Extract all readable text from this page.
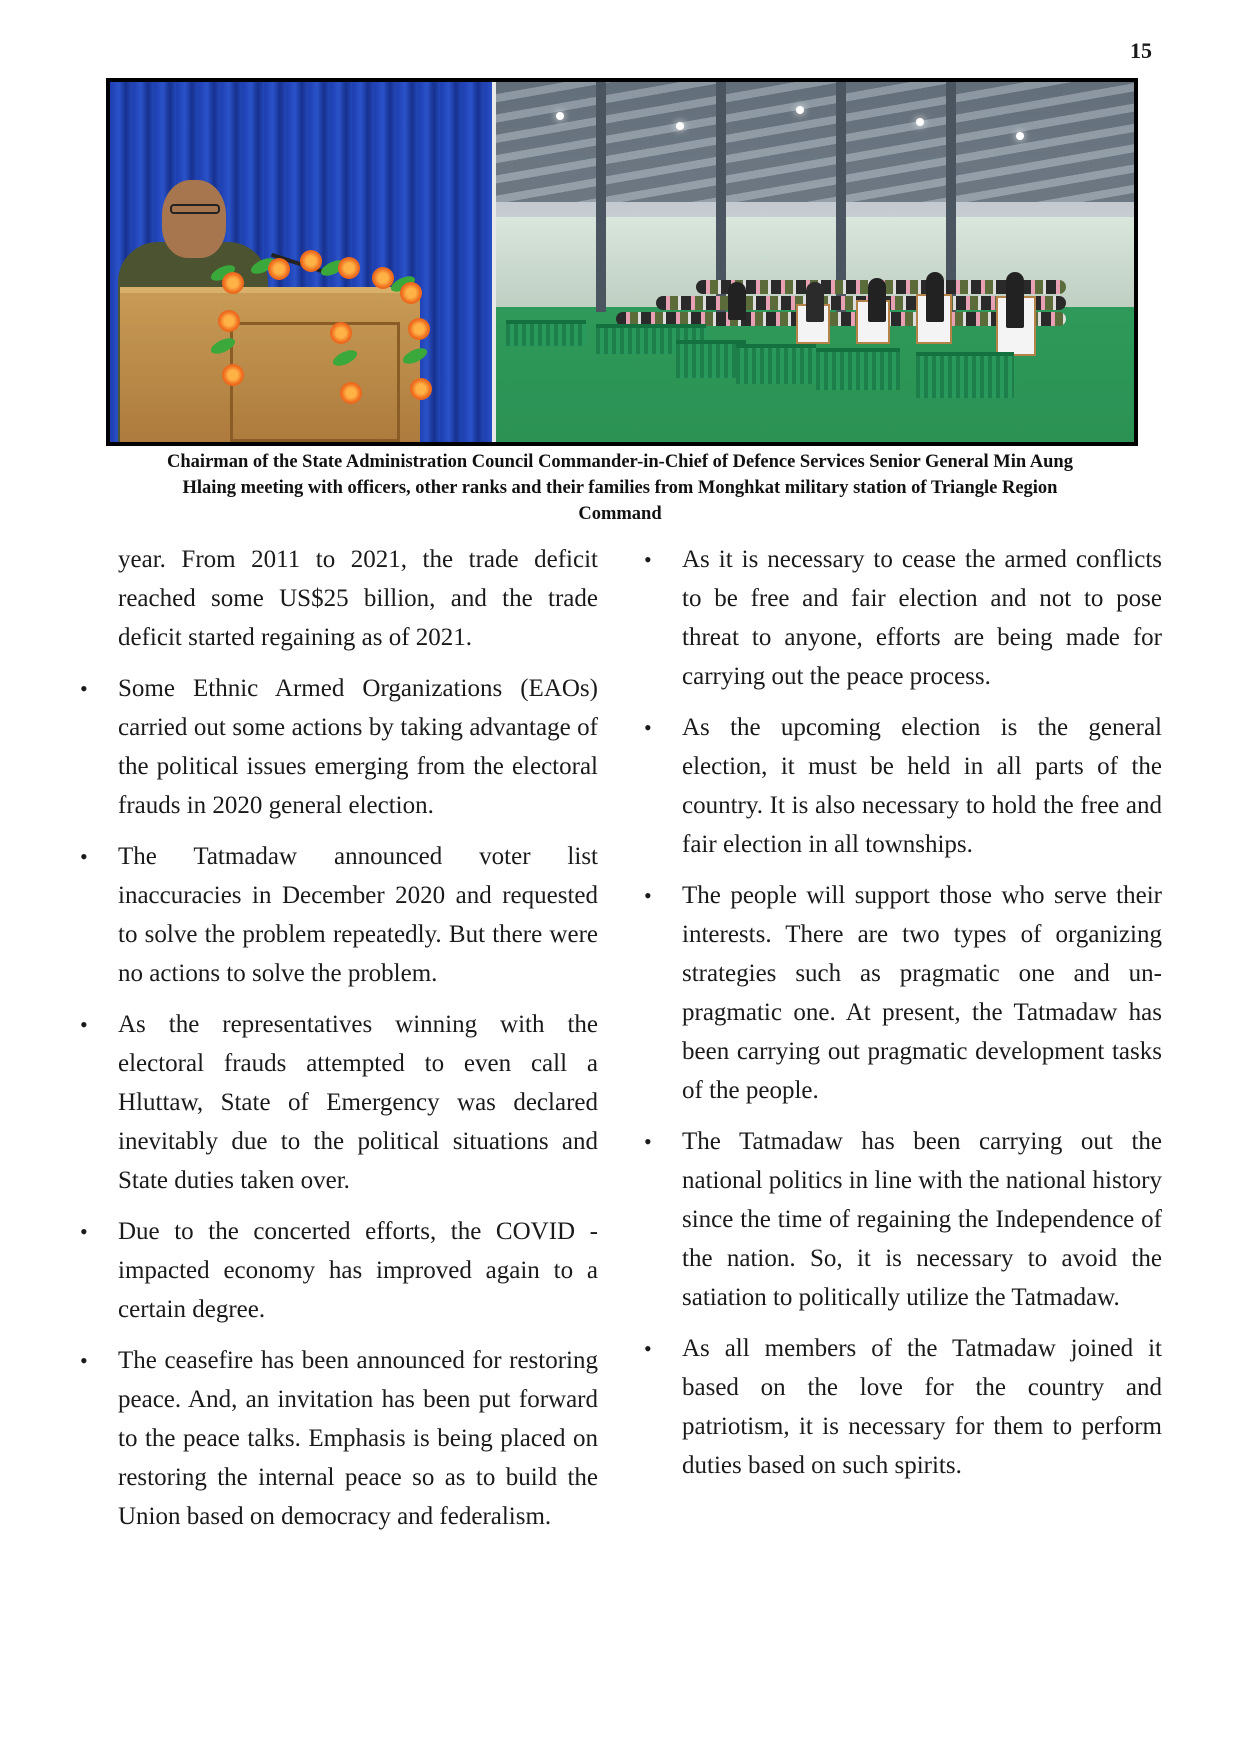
15
Chairman of the State Administration Council Commander-in-Chief of Defence Services Senior General Min Aung
Hlaing meeting with officers, other ranks and their families from Monghkat military station of Triangle Region
Command

year. From 2011 to 2021, the trade deficit reached some US$25 billion, and the trade deficit started regaining as of 2021.

• Some Ethnic Armed Organizations (EAOs) carried out some actions by taking advantage of the political issues emerging from the electoral frauds in 2020 general election.
• The Tatmadaw announced voter list inaccuracies in December 2020 and requested to solve the problem repeatedly. But there were no actions to solve the problem.
• As the representatives winning with the electoral frauds attempted to even call a Hluttaw, State of Emergency was declared inevitably due to the political situations and State duties taken over.
• Due to the concerted efforts, the COVID -impacted economy has improved again to a certain degree.
• The ceasefire has been announced for restoring peace. And, an invitation has been put forward to the peace talks. Emphasis is being placed on restoring the internal peace so as to build the Union based on democracy and federalism.
• As it is necessary to cease the armed conflicts to be free and fair election and not to pose threat to anyone, efforts are being made for carrying out the peace process.
• As the upcoming election is the general election, it must be held in all parts of the country. It is also necessary to hold the free and fair election in all townships.
• The people will support those who serve their interests. There are two types of organizing strategies such as pragmatic one and un-pragmatic one. At present, the Tatmadaw has been carrying out pragmatic development tasks of the people.
• The Tatmadaw has been carrying out the national politics in line with the national history since the time of regaining the Independence of the nation. So, it is necessary to avoid the satiation to politically utilize the Tatmadaw.
• As all members of the Tatmadaw joined it based on the love for the country and patriotism, it is necessary for them to perform duties based on such spirits.
